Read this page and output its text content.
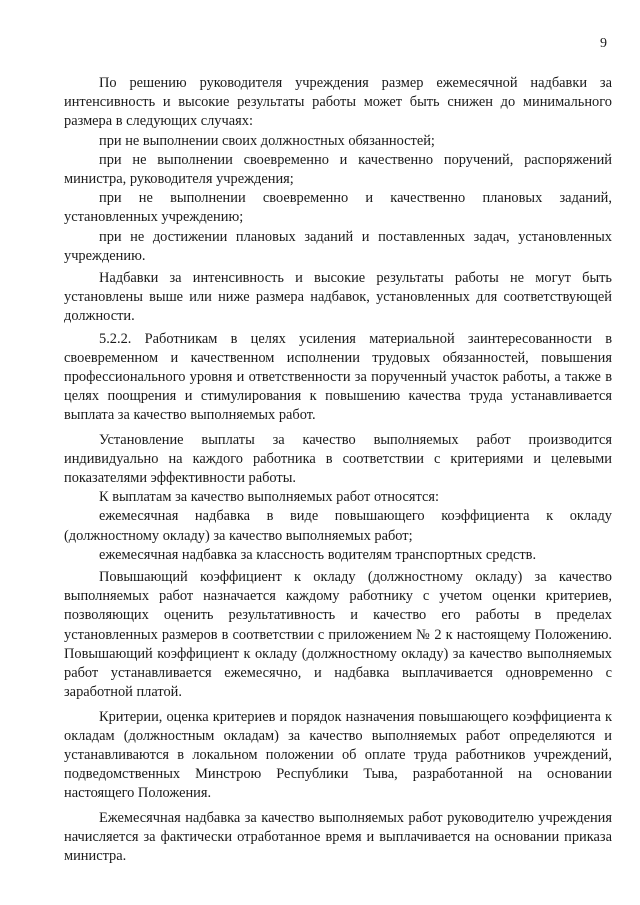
9

По решению руководителя учреждения размер ежемесячной надбавки за интенсивность и высокие результаты работы может быть снижен до минимального размера в следующих случаях:

при не выполнении своих должностных обязанностей;

при не выполнении своевременно и качественно поручений, распоряжений министра, руководителя учреждения;

при не выполнении своевременно и качественно плановых заданий, установленных учреждению;

при не достижении плановых заданий и поставленных задач, установленных учреждению.

Надбавки за интенсивность и высокие результаты работы не могут быть установлены выше или ниже размера надбавок, установленных для соответствующей должности.

5.2.2. Работникам в целях усиления материальной заинтересованности в своевременном и качественном исполнении трудовых обязанностей, повышения профессионального уровня и ответственности за порученный участок работы, а также в целях поощрения и стимулирования к повышению качества труда устанавливается выплата за качество выполняемых работ.

Установление выплаты за качество выполняемых работ производится индивидуально на каждого работника в соответствии с критериями и целевыми показателями эффективности работы.

К выплатам за качество выполняемых работ относятся:

ежемесячная надбавка в виде повышающего коэффициента к окладу (должностному окладу) за качество выполняемых работ;

ежемесячная надбавка за классность водителям транспортных средств.

Повышающий коэффициент к окладу (должностному окладу) за качество выполняемых работ назначается каждому работнику с учетом оценки критериев, позволяющих оценить результативность и качество его работы в пределах установленных размеров в соответствии с приложением № 2 к настоящему Положению. Повышающий коэффициент к окладу (должностному окладу) за качество выполняемых работ устанавливается ежемесячно, и надбавка выплачивается одновременно с заработной платой.

Критерии, оценка критериев и порядок назначения повышающего коэффициента к окладам (должностным окладам) за качество выполняемых работ определяются и устанавливаются в локальном положении об оплате труда работников учреждений, подведомственных Минстрою Республики Тыва, разработанной на основании настоящего Положения.

Ежемесячная надбавка за качество выполняемых работ руководителю учреждения начисляется за фактически отработанное время и выплачивается на основании приказа министра.
